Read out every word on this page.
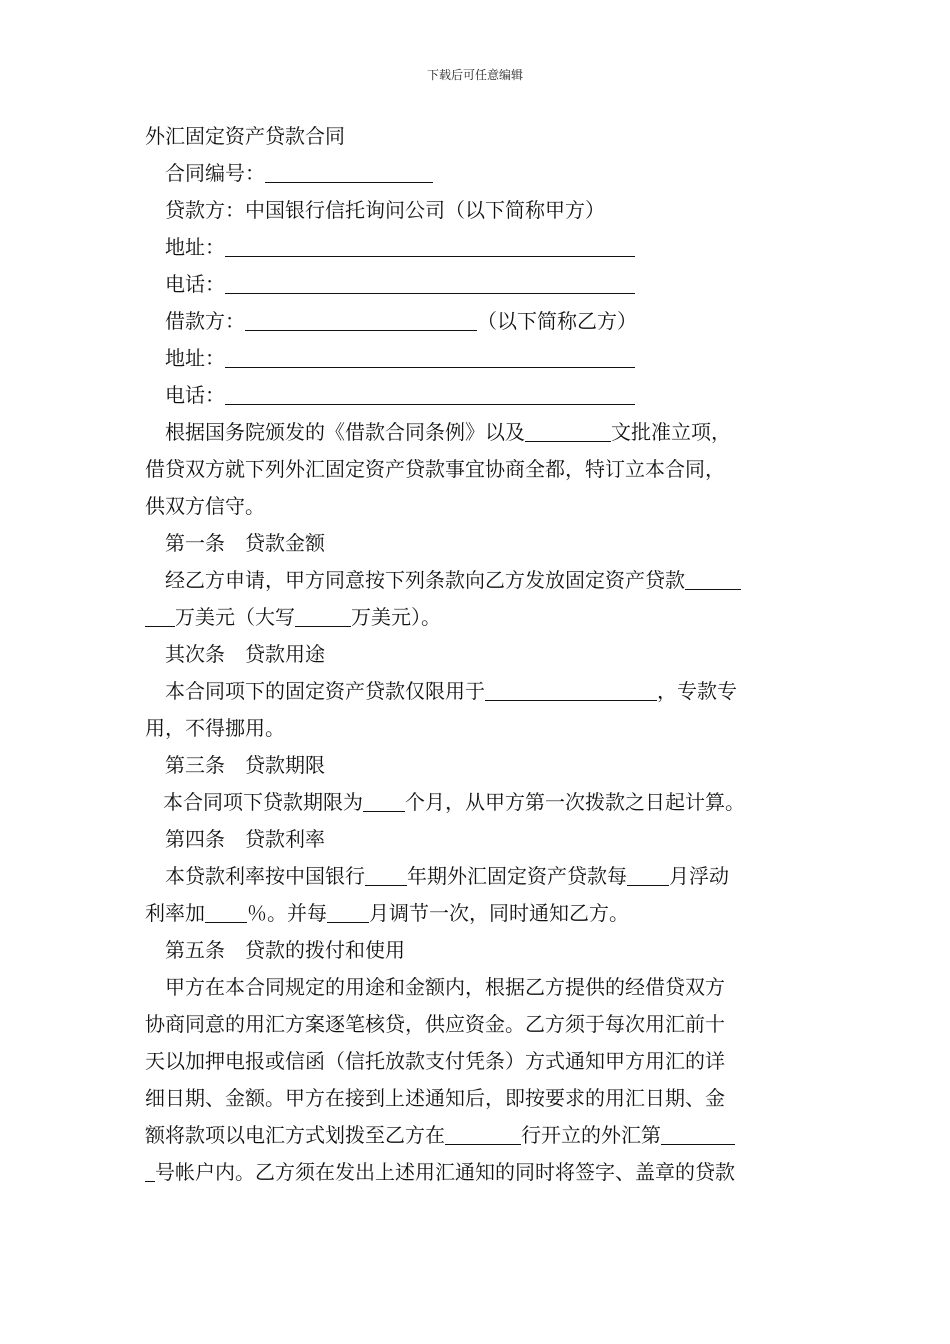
下载后可任意编辑
外汇固定资产贷款合同
合同编号：
贷款方：中国银行信托询问公司（以下简称甲方）
地址：
电话：
借款方：	（以下简称乙方）
地址：
电话：
根据国务院颁发的《借款合同条例》以及	文批准立项，
借贷双方就下列外汇固定资产贷款事宜协商全都，特订立本合同，
供双方信守。
第一条　贷款金额
经乙方申请，甲方同意按下列条款向乙方发放固定资产贷款
万美元（大写	万美元）。
其次条　贷款用途
本合同项下的固定资产贷款仅限用于	，专款专
用，不得挪用。
第三条　贷款期限
本合同项下贷款期限为 个月，从甲方第一次拨款之日起计算。
第四条　贷款利率
本贷款利率按中国银行 年期外汇固定资产贷款每 月浮动
利率加 ％。并每 月调节一次，同时通知乙方。
第五条　贷款的拨付和使用
甲方在本合同规定的用途和金额内，根据乙方提供的经借贷双方
协商同意的用汇方案逐笔核贷，供应资金。乙方须于每次用汇前十
天以加押电报或信函（信托放款支付凭条）方式通知甲方用汇的详
细日期、金额。甲方在接到上述通知后，即按要求的用汇日期、金
额将款项以电汇方式划拨至乙方在	行开立的外汇第
号帐户内。乙方须在发出上述用汇通知的同时将签字、盖章的贷款
